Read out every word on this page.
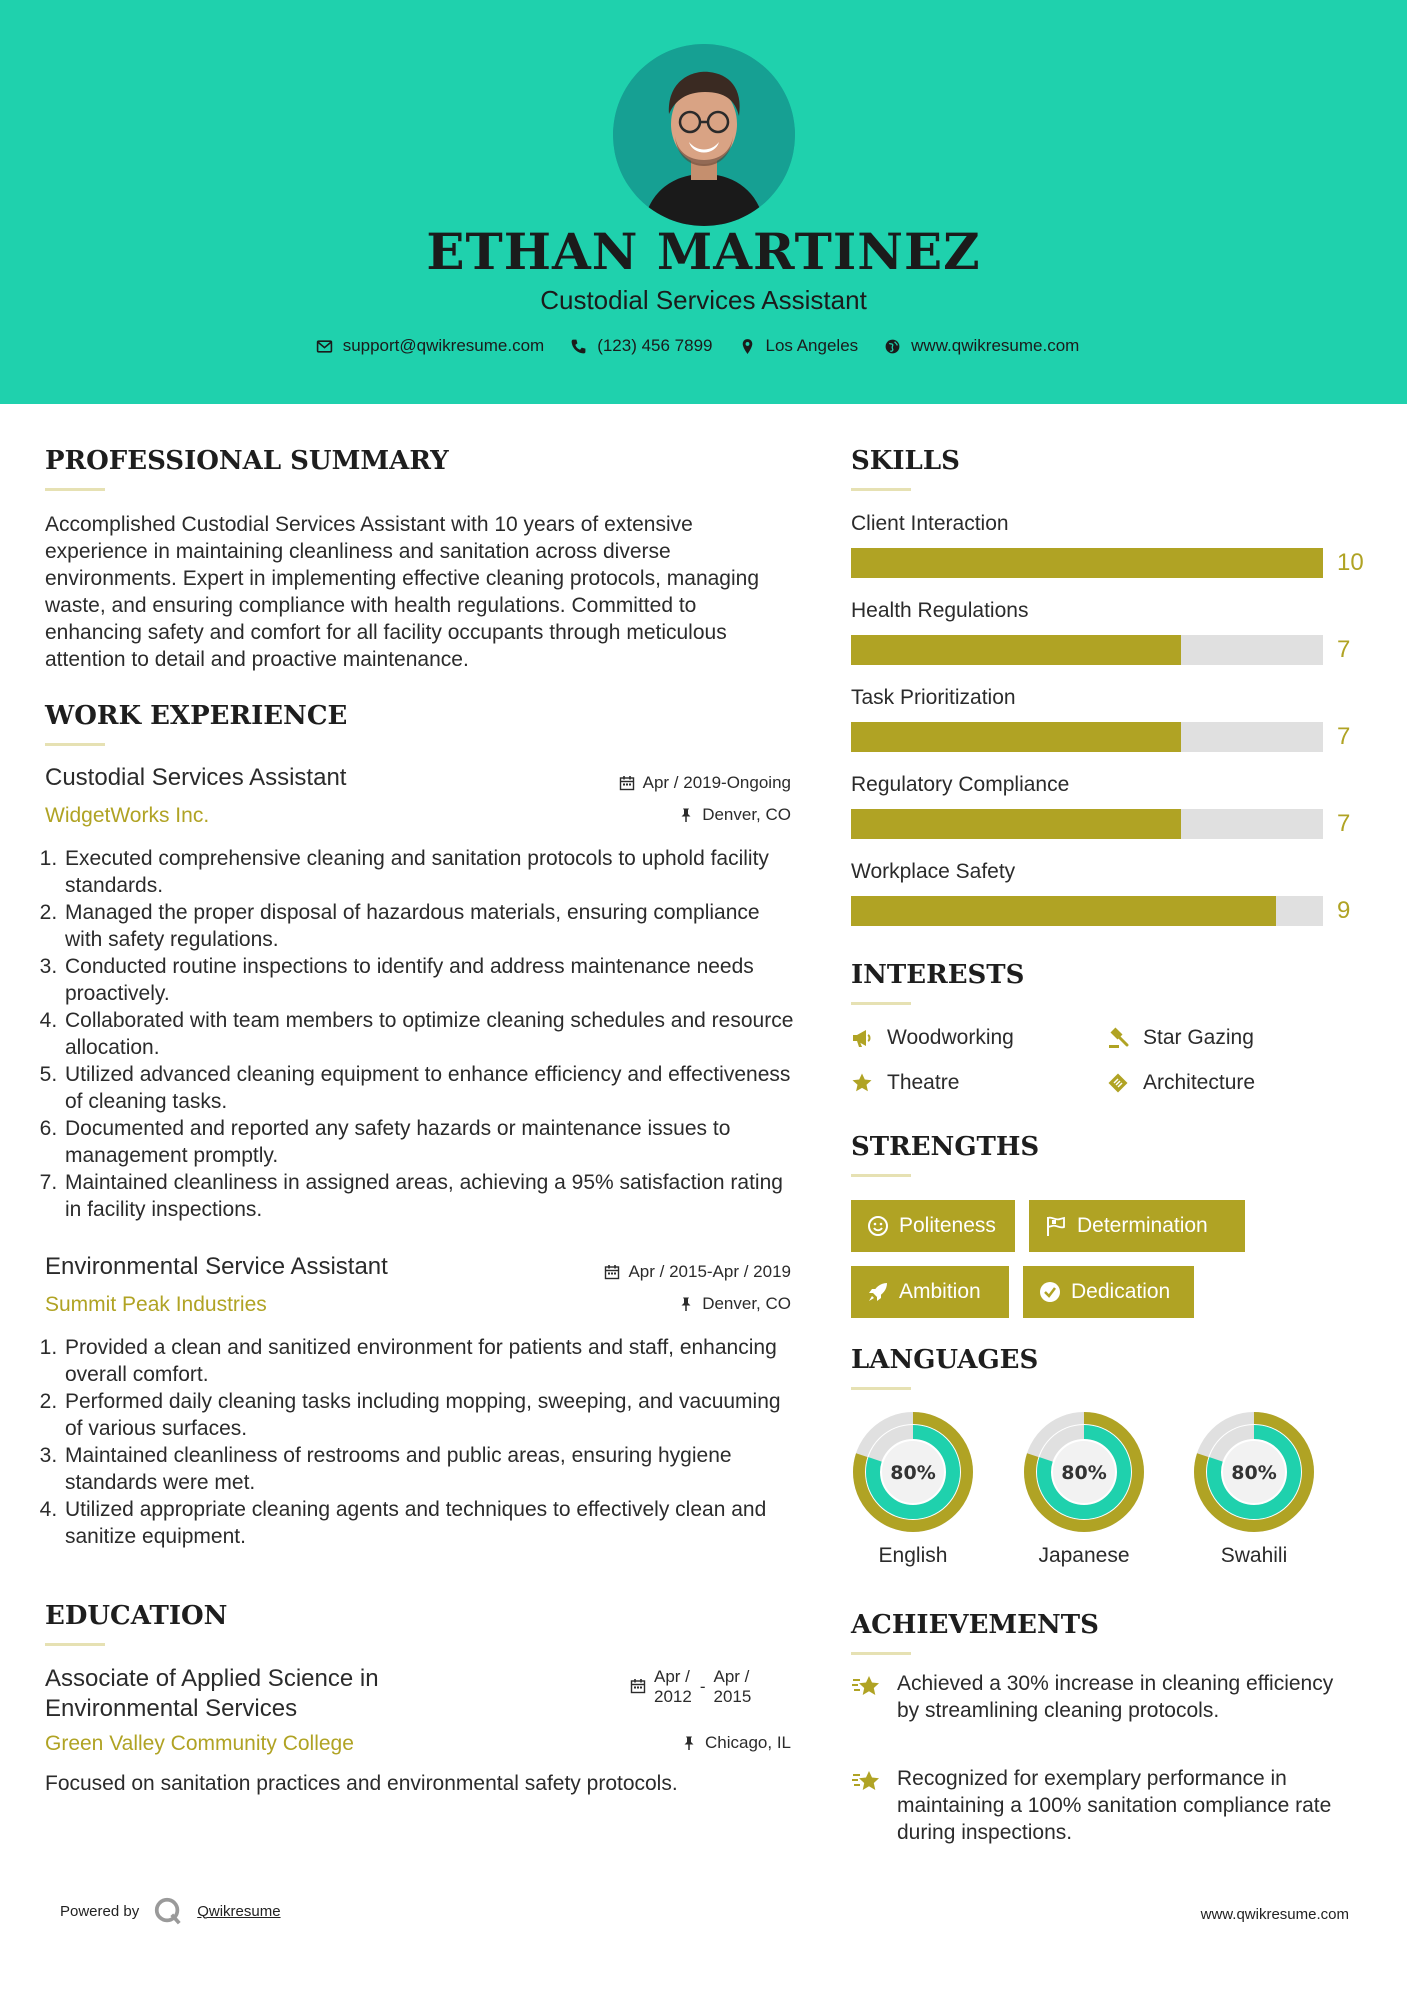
ETHAN MARTINEZ
Custodial Services Assistant
support@qwikresume.com	(123) 456 7899	Los Angeles	www.qwikresume.com
PROFESSIONAL SUMMARY
Accomplished Custodial Services Assistant with 10 years of extensive experience in maintaining cleanliness and sanitation across diverse environments. Expert in implementing effective cleaning protocols, managing waste, and ensuring compliance with health regulations. Committed to enhancing safety and comfort for all facility occupants through meticulous attention to detail and proactive maintenance.
WORK EXPERIENCE
Custodial Services Assistant	Apr / 2019-Ongoing
WidgetWorks Inc.	Denver, CO
1. Executed comprehensive cleaning and sanitation protocols to uphold facility standards.
2. Managed the proper disposal of hazardous materials, ensuring compliance with safety regulations.
3. Conducted routine inspections to identify and address maintenance needs proactively.
4. Collaborated with team members to optimize cleaning schedules and resource allocation.
5. Utilized advanced cleaning equipment to enhance efficiency and effectiveness of cleaning tasks.
6. Documented and reported any safety hazards or maintenance issues to management promptly.
7. Maintained cleanliness in assigned areas, achieving a 95% satisfaction rating in facility inspections.
Environmental Service Assistant	Apr / 2015-Apr / 2019
Summit Peak Industries	Denver, CO
1. Provided a clean and sanitized environment for patients and staff, enhancing overall comfort.
2. Performed daily cleaning tasks including mopping, sweeping, and vacuuming of various surfaces.
3. Maintained cleanliness of restrooms and public areas, ensuring hygiene standards were met.
4. Utilized appropriate cleaning agents and techniques to effectively clean and sanitize equipment.
EDUCATION
Associate of Applied Science in
Environmental Services
Apr /
2012
-
Apr /
2015
Green Valley Community College	Chicago, IL
Focused on sanitation practices and environmental safety protocols.
SKILLS
Client Interaction
10
Health Regulations
7
Task Prioritization
7
Regulatory Compliance
7
Workplace Safety
9
INTERESTS
Woodworking	Star Gazing
Theatre	Architecture
STRENGTHS
Politeness	Determination
Ambition	Dedication
LANGUAGES
80%
English
80%
Japanese
80%
Swahili
ACHIEVEMENTS
Achieved a 30% increase in cleaning efficiency by streamlining cleaning protocols.
Recognized for exemplary performance in maintaining a 100% sanitation compliance rate during inspections.
Powered by	Qwikresume	www.qwikresume.com
